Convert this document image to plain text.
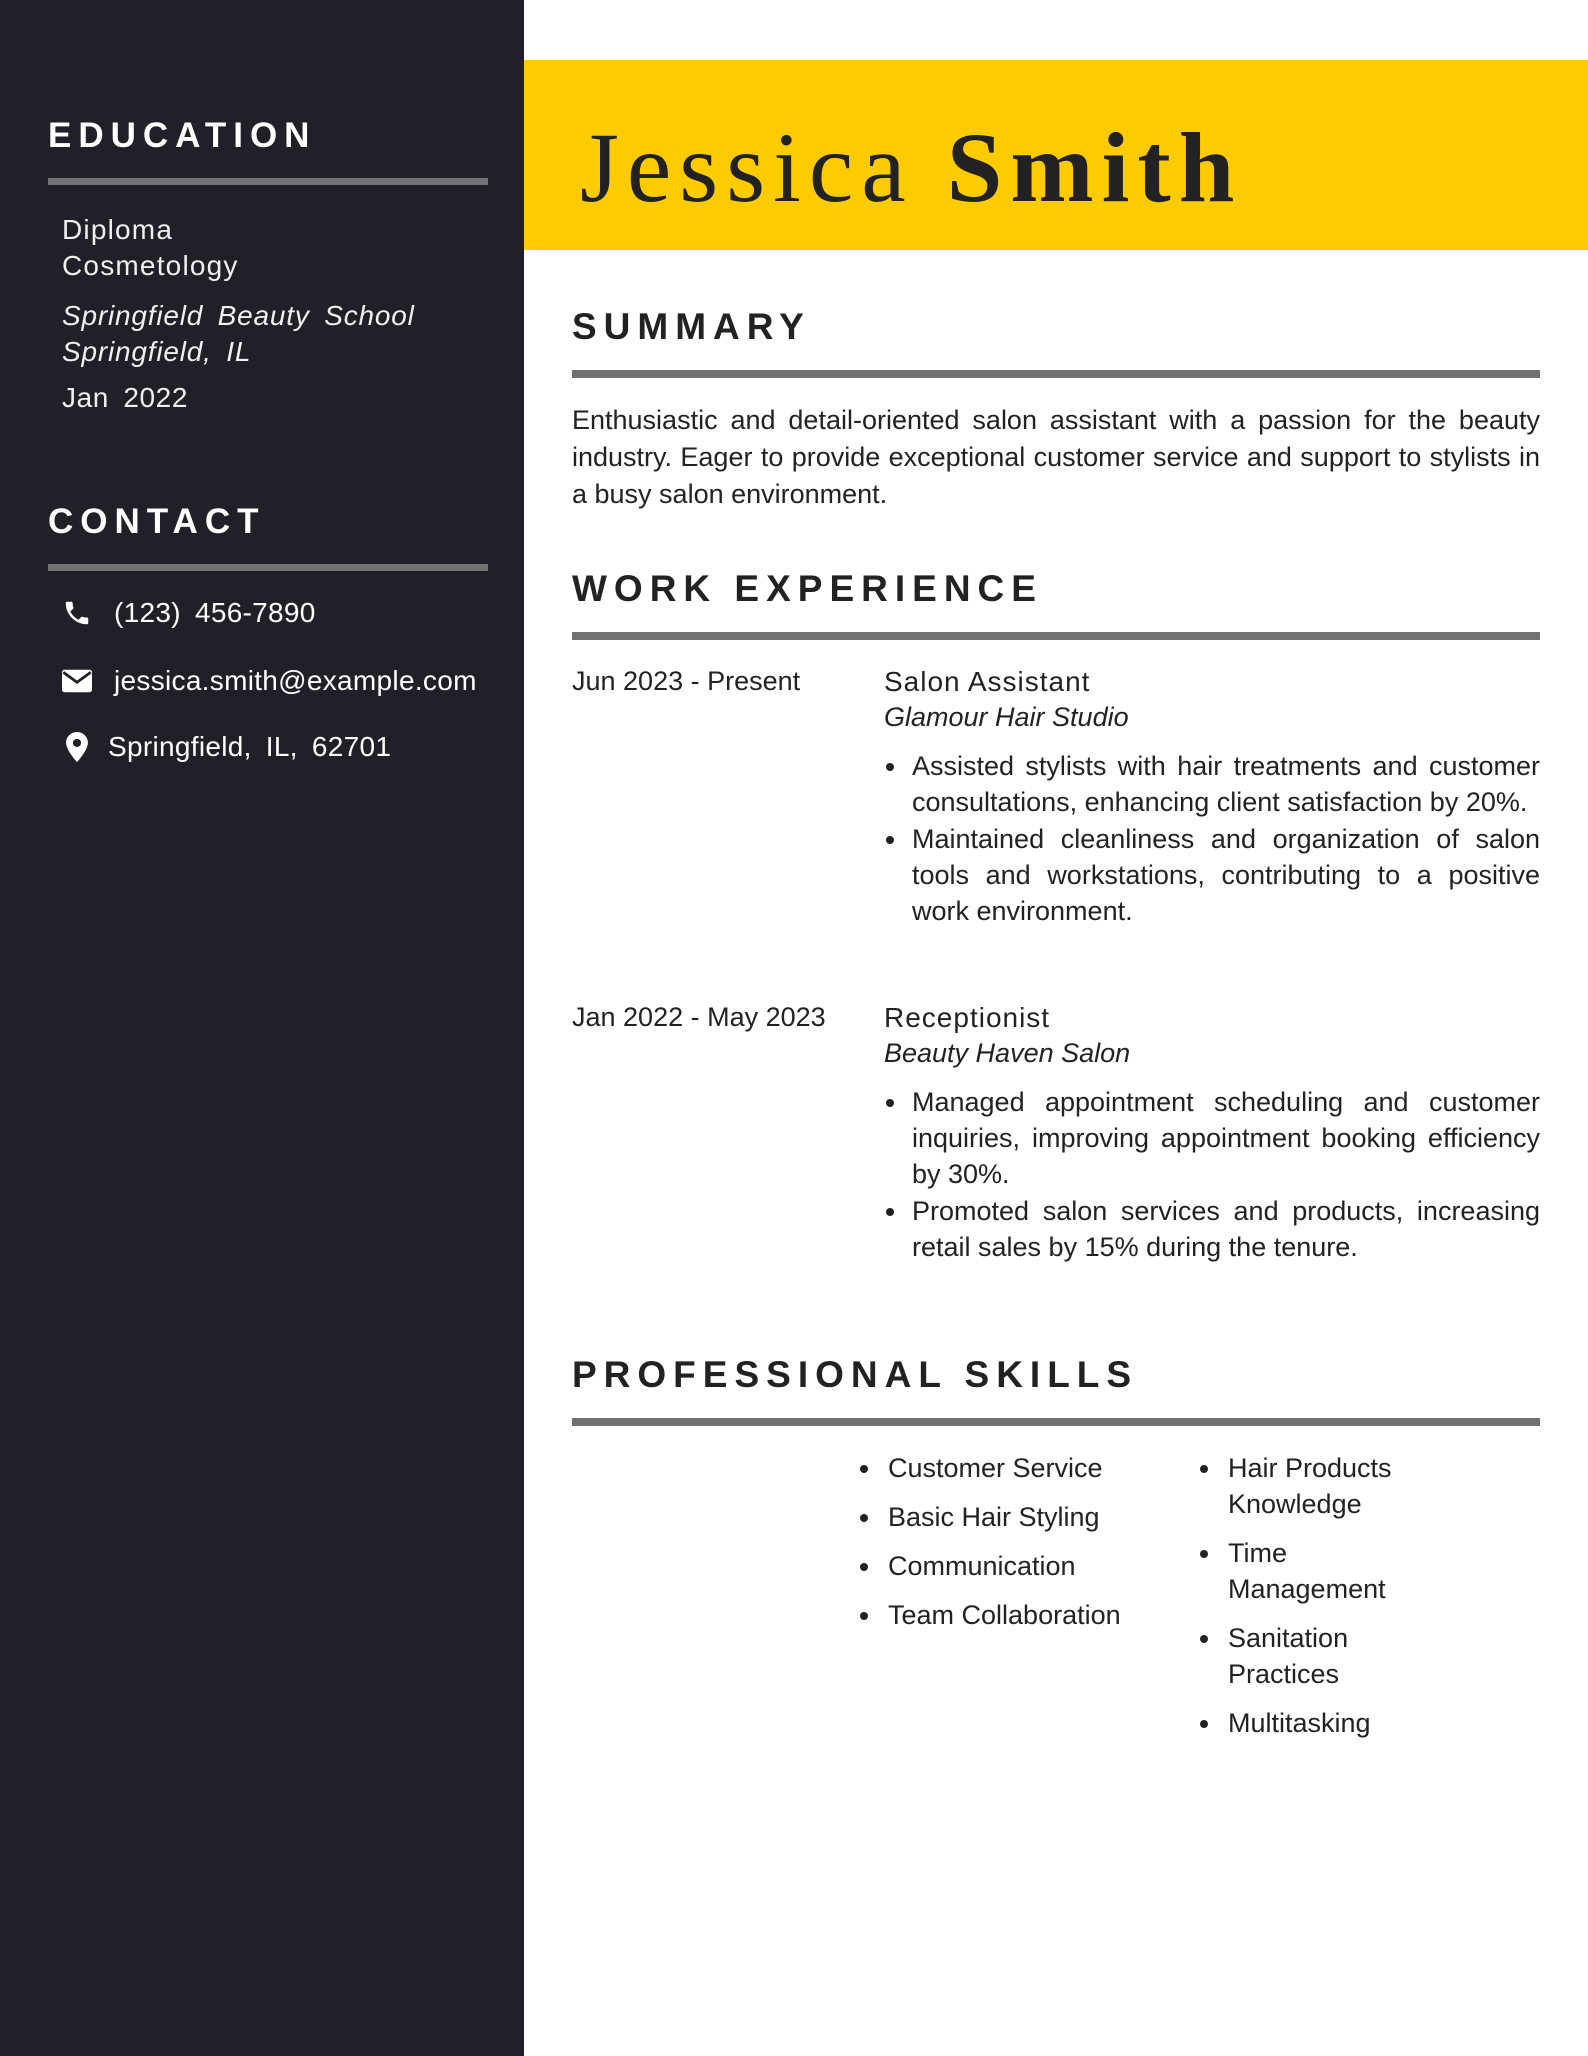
EDUCATION
Diploma
Cosmetology
Springfield Beauty School
Springfield, IL
Jan 2022
CONTACT
(123) 456-7890
jessica.smith@example.com
Springfield, IL, 62701
Jessica Smith
SUMMARY
Enthusiastic and detail-oriented salon assistant with a passion for the beauty industry. Eager to provide exceptional customer service and support to stylists in a busy salon environment.
WORK EXPERIENCE
Jun 2023 - Present	Salon Assistant
Glamour Hair Studio
Assisted stylists with hair treatments and customer consultations, enhancing client satisfaction by 20%.
Maintained cleanliness and organization of salon tools and workstations, contributing to a positive work environment.
Jan 2022 - May 2023 Receptionist
Beauty Haven Salon
Managed appointment scheduling and customer inquiries, improving appointment booking efficiency by 30%.
Promoted salon services and products, increasing retail sales by 15% during the tenure.
PROFESSIONAL SKILLS
Customer Service
Basic Hair Styling
Communication
Team Collaboration
Hair Products Knowledge
Time Management
Sanitation Practices
Multitasking
